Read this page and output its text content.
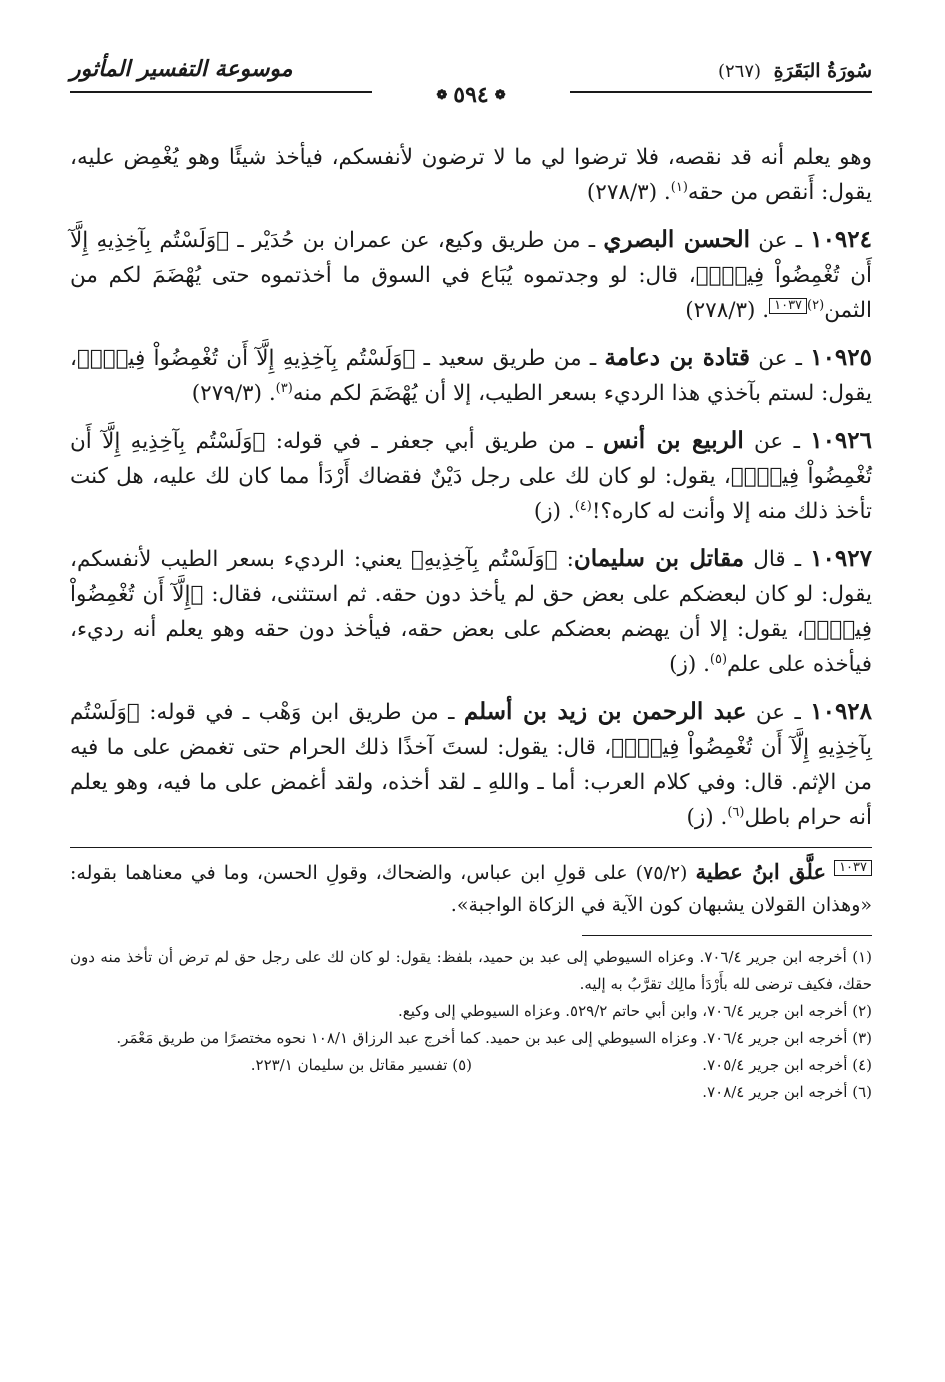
سُورَةُ البَقَرَةِ (٢٦٧)
❁٥٩٤❁
موسوعة التفسير المأثور

وهو يعلم أنه قد نقصه، فلا ترضوا لي ما لا ترضون لأنفسكم، فيأخذ شيئًا وهو يُغْمِض عليه، يقول: أَنقص من حقه$^{(١)}$. (٢٧٨/٣)

١٠٩٢٤ ـ عن الحسن البصري ـ من طريق وكيع، عن عمران بن حُدَيْر ـ ﴿وَلَسْتُم بِآخِذِيهِ إِلَّآ أَن تُغْمِضُواْ فِيهِۚ﴾، قال: لو وجدتموه يُبَاع في السوق ما أخذتموه حتى يُهْضَمَ لكم من الثمن$^{(٢)}$١٠٣٧. (٢٧٨/٣)

١٠٩٢٥ ـ عن قتادة بن دعامة ـ من طريق سعيد ـ ﴿وَلَسْتُم بِآخِذِيهِ إِلَّآ أَن تُغْمِضُواْ فِيهِۚ﴾، يقول: لستم بآخذي هذا الرديء بسعر الطيب، إلا أن يُهْضَمَ لكم منه$^{(٣)}$. (٢٧٩/٣)

١٠٩٢٦ ـ عن الربيع بن أنس ـ من طريق أبي جعفر ـ في قوله: ﴿وَلَسْتُم بِآخِذِيهِ إِلَّآ أَن تُغْمِضُواْ فِيهِۚ﴾، يقول: لو كان لك على رجل دَيْنٌ فقضاك أَرْدَأ مما كان لك عليه، هل كنت تأخذ ذلك منه إلا وأنت له كاره؟!$^{(٤)}$. (ز)

١٠٩٢٧ ـ قال مقاتل بن سليمان: ﴿وَلَسْتُم بِآخِذِيهِ﴾ يعني: الرديء بسعر الطيب لأنفسكم، يقول: لو كان لبعضكم على بعض حق لم يأخذ دون حقه. ثم استثنى، فقال: ﴿إِلَّآ أَن تُغْمِضُواْ فِيهِۚ﴾، يقول: إلا أن يهضم بعضكم على بعض حقه، فيأخذ دون حقه وهو يعلم أنه رديء، فيأخذه على علم$^{(٥)}$. (ز)

١٠٩٢٨ ـ عن عبد الرحمن بن زيد بن أسلم ـ من طريق ابن وَهْب ـ في قوله: ﴿وَلَسْتُم بِآخِذِيهِ إِلَّآ أَن تُغْمِضُواْ فِيهِۚ﴾، قال: يقول: لستَ آخذًا ذلك الحرام حتى تغمض على ما فيه من الإثم. قال: وفي كلام العرب: أما ـ واللهِ ـ لقد أخذه، ولقد أغمض على ما فيه، وهو يعلم أنه حرام باطل$^{(٦)}$. (ز)

١٠٣٧ علَّق ابنُ عطية (٧٥/٢) على قولِ ابن عباس، والضحاك، وقولِ الحسن، وما في معناهما بقوله: «وهذان القولان يشبهان كون الآية في الزكاة الواجبة».

(١) أخرجه ابن جرير ٧٠٦/٤. وعزاه السيوطي إلى عبد بن حميد، بلفظ: يقول: لو كان لك على رجل حق لم ترض أن تأخذ منه دون حقك، فكيف ترضى لله بأَرْدَأ مالِك تقرَّبُ به إليه.

(٢) أخرجه ابن جرير ٧٠٦/٤، وابن أبي حاتم ٥٢٩/٢. وعزاه السيوطي إلى وكيع.

(٣) أخرجه ابن جرير ٧٠٦/٤. وعزاه السيوطي إلى عبد بن حميد. كما أخرج عبد الرزاق ١٠٨/١ نحوه مختصرًا من طريق مَعْمَر.

(٤) أخرجه ابن جرير ٧٠٥/٤.

(٥) تفسير مقاتل بن سليمان ٢٢٣/١.

(٦) أخرجه ابن جرير ٧٠٨/٤.
